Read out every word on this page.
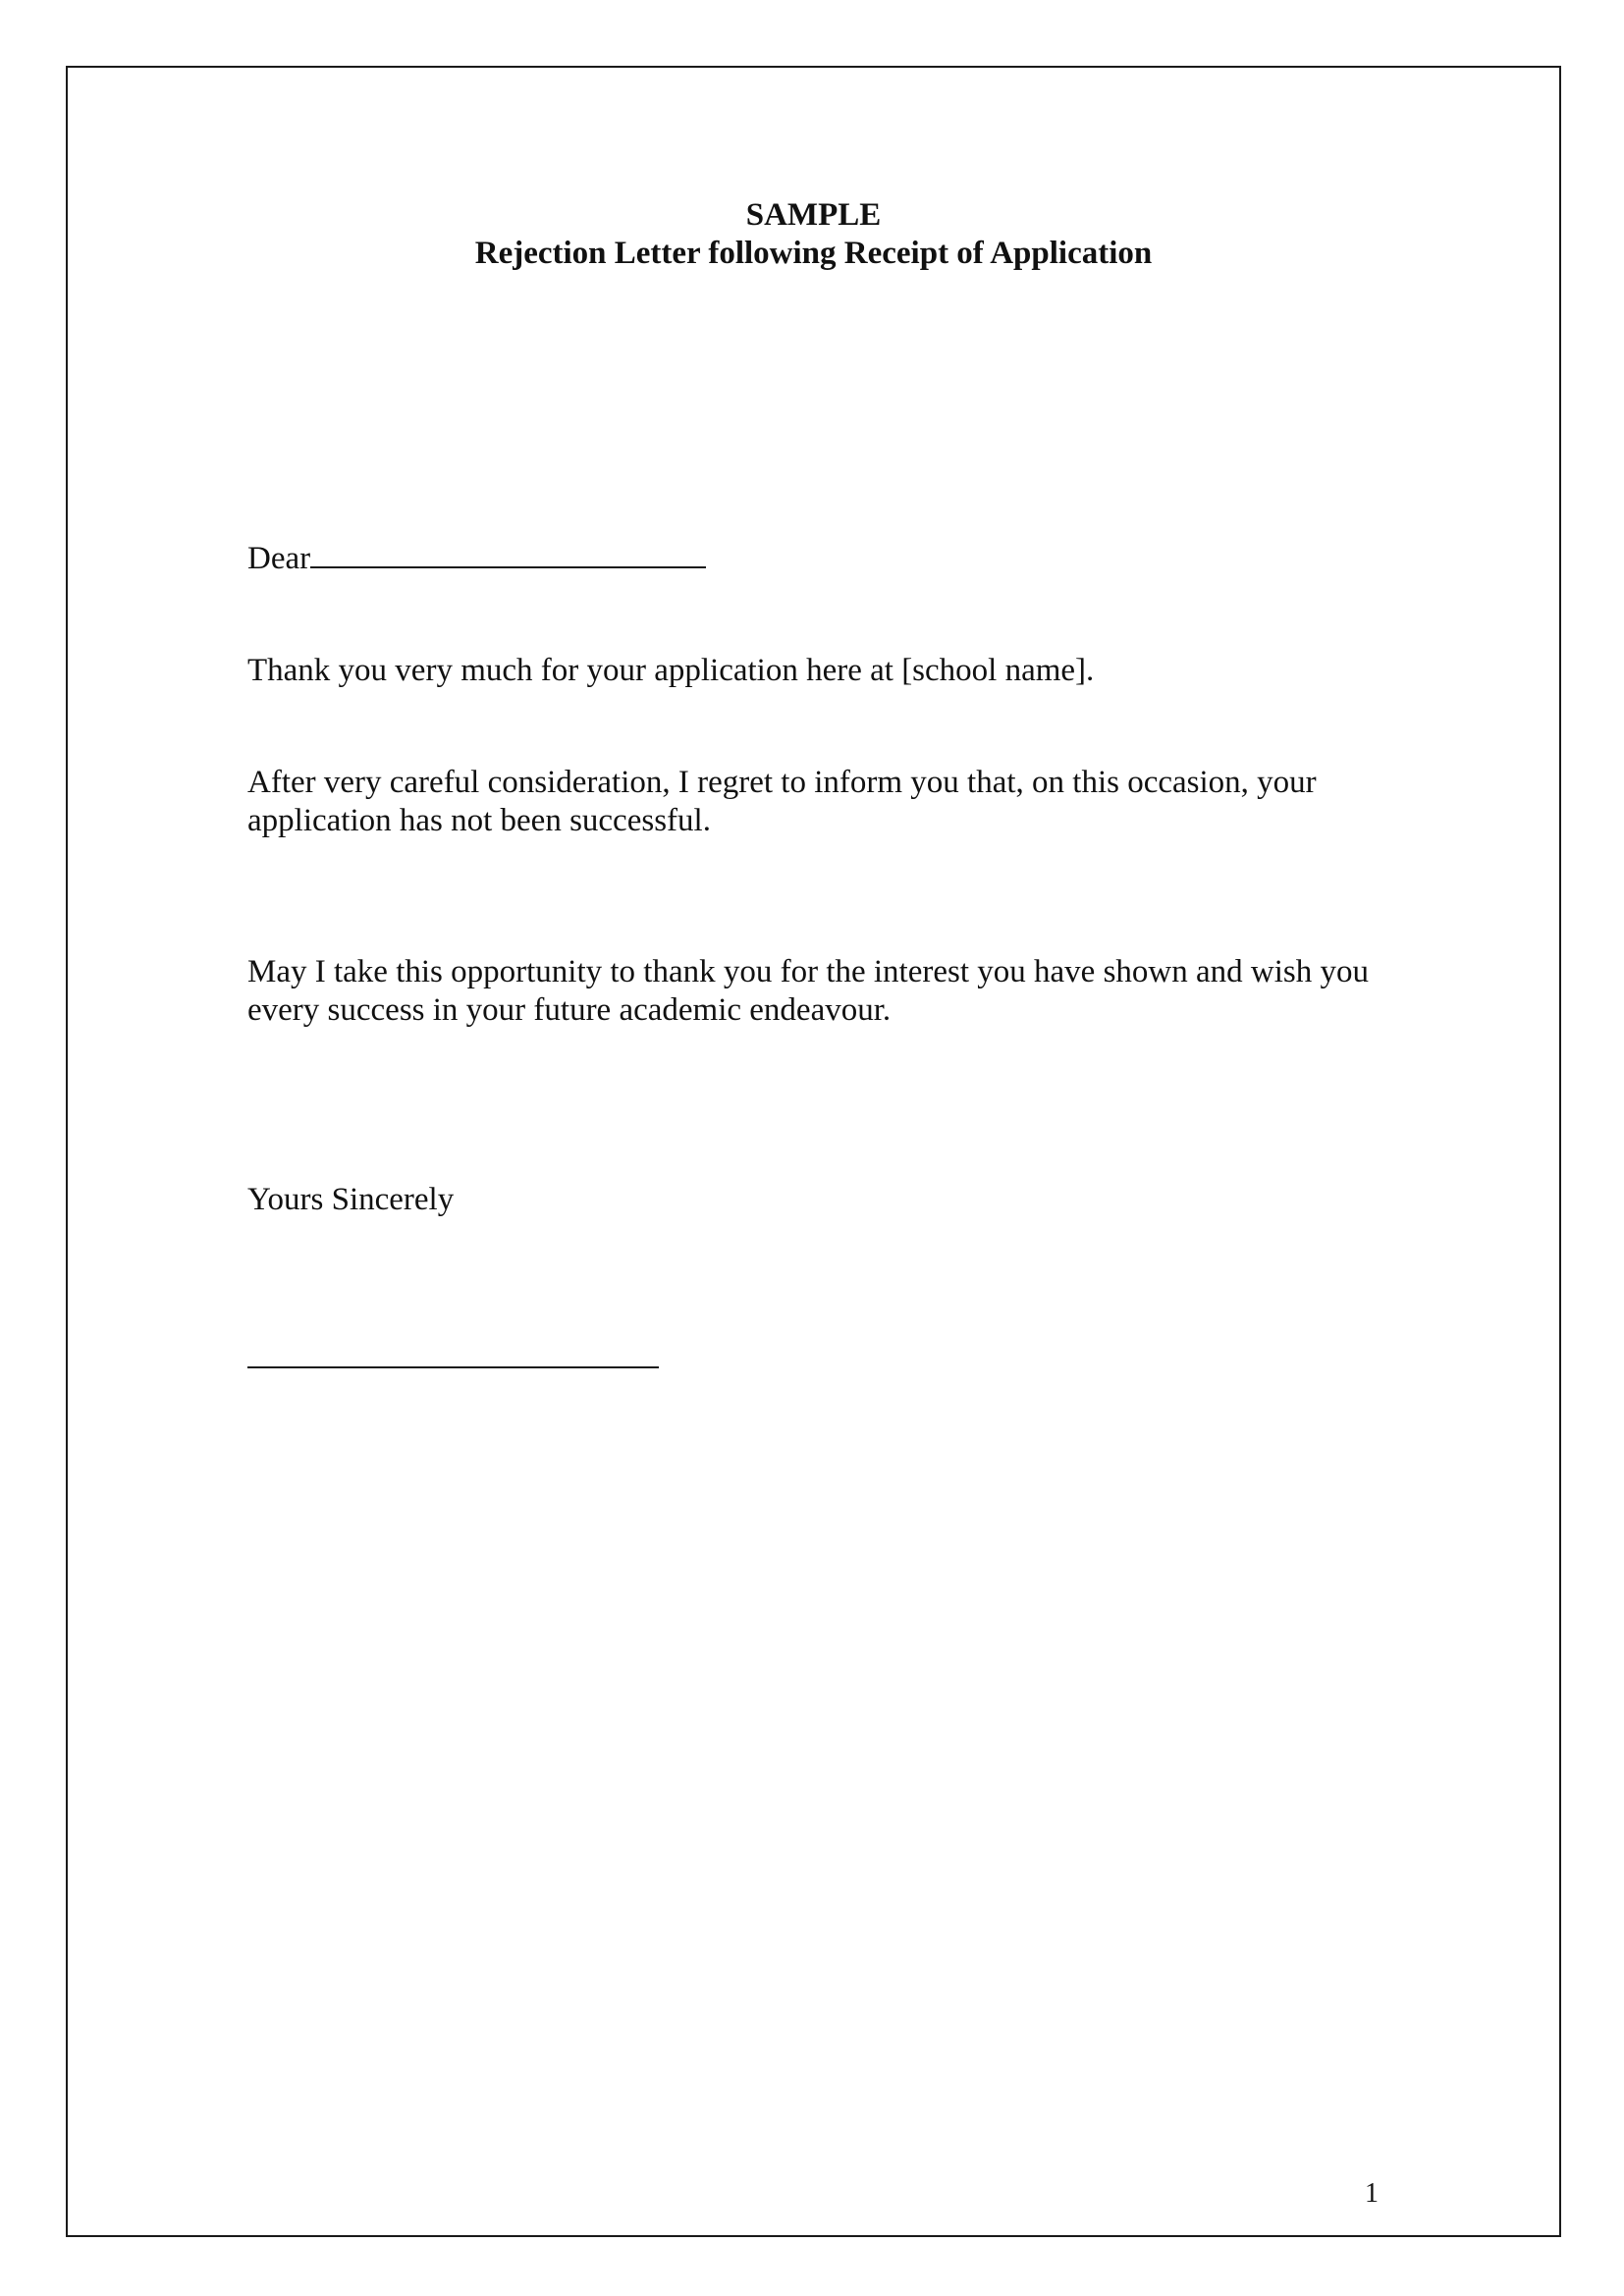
SAMPLE
Rejection Letter following Receipt of Application
Dear
Thank you very much for your application here at [school name].
After very careful consideration, I regret to inform you that, on this occasion, your
application has not been successful.
May I take this opportunity to thank you for the interest you have shown and wish you
every success in your future academic endeavour.
Yours Sincerely
1
